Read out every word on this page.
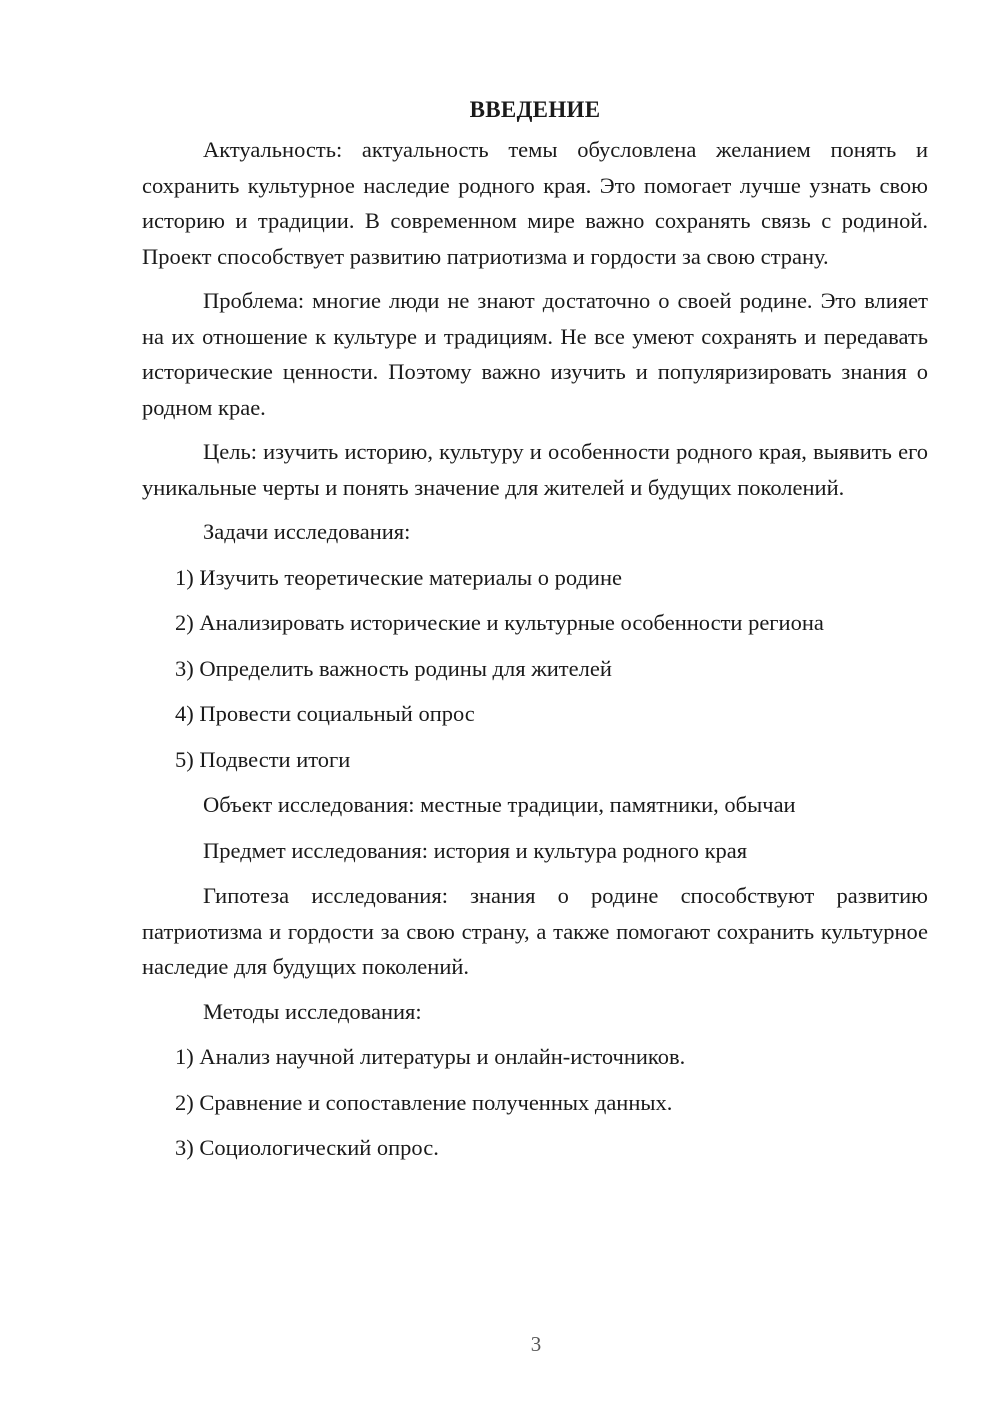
ВВЕДЕНИЕ

Актуальность: актуальность темы обусловлена желанием понять и сохранить культурное наследие родного края. Это помогает лучше узнать свою историю и традиции. В современном мире важно сохранять связь с родиной. Проект способствует развитию патриотизма и гордости за свою страну.

Проблема: многие люди не знают достаточно о своей родине. Это влияет на их отношение к культуре и традициям. Не все умеют сохранять и передавать исторические ценности. Поэтому важно изучить и популяризировать знания о родном крае.

Цель: изучить историю, культуру и особенности родного края, выявить его уникальные черты и понять значение для жителей и будущих поколений.

Задачи исследования:
1) Изучить теоретические материалы о родине
2) Анализировать исторические и культурные особенности региона
3) Определить важность родины для жителей
4) Провести социальный опрос
5) Подвести итоги
Объект исследования: местные традиции, памятники, обычаи
Предмет исследования: история и культура родного края

Гипотеза исследования: знания о родине способствуют развитию патриотизма и гордости за свою страну, а также помогают сохранить культурное наследие для будущих поколений.

Методы исследования:
1) Анализ научной литературы и онлайн-источников.
2) Сравнение и сопоставление полученных данных.
3) Социологический опрос.
3
